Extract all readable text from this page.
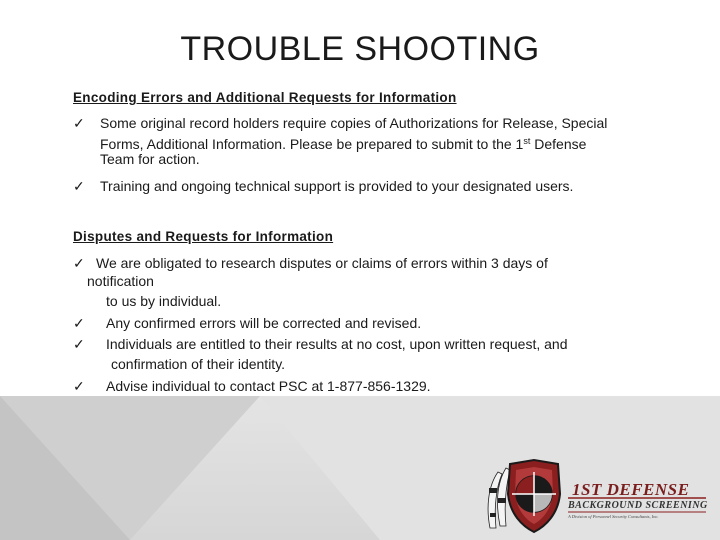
TROUBLE SHOOTING
Encoding Errors and Additional Requests for Information
✓ Some original record holders require copies of Authorizations for Release, Special
Forms, Additional Information. Please be prepared to submit to the 1st Defense
Team for action.
✓ Training and ongoing technical support is provided to your designated users.
Disputes and Requests for Information
✓ We are obligated to research disputes or claims of errors within 3 days of
notification
to us by individual.
✓ Any confirmed errors will be corrected and revised.
✓ Individuals are entitled to their results at no cost, upon written request, and
confirmation of their identity.
✓ Advise individual to contact PSC at 1-877-856-1329.
1ST DEFENSE
BACKGROUND SCREENING
A Division of Personnel Security Consultants, Inc.
